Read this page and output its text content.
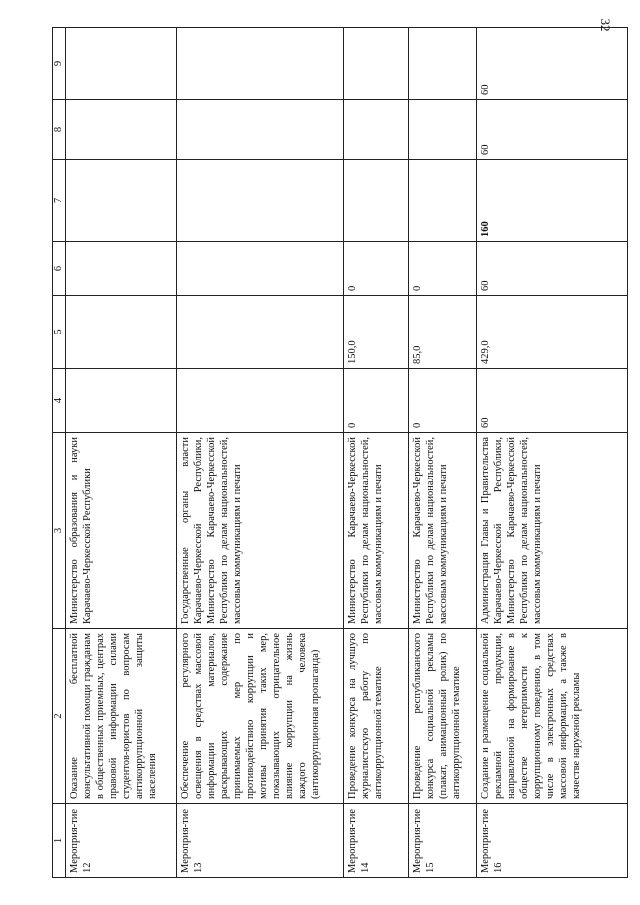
32
1	2	3	4	5	6	7	8	9
Мероприя-тие 12	Оказание бесплатной консультативной помощи гражданам в общественных приемных, центрах правовой информации силами студентов-юристов по вопросам антикоррупционной защиты населения	Министерство образования и науки Карачаево-Черкесской Республики						
Мероприя-тие 13	Обеспечение регулярного освещения в средствах массовой информации материалов, раскрывающих содержание принимаемых мер по противодействию коррупции и мотивы принятия таких мер, показывающих отрицательное влияние коррупции на жизнь каждого человека (антикоррупционная пропаганда)	Государственные органы власти Карачаево-Черкесской Республики, Министерство Карачаево-Черкесской Республики по делам национальностей, массовым коммуникациям и печати						
Мероприя-тие 14	Проведение конкурса на лучшую журналистскую работу по антикоррупционной тематике	Министерство Карачаево-Черкесской Республики по делам национальностей, массовым коммуникациям и печати	0	150,0	0			
Мероприя-тие 15	Проведение республиканского конкурса социальной рекламы (плакат, анимационный ролик) по антикоррупционной тематике	Министерство Карачаево-Черкесской Республики по делам национальностей, массовым коммуникациям и печати	0	85,0	0			
Мероприя-тие 16	Создание и размещение социальной рекламной продукции, направленной на формирование в обществе нетерпимости к коррупционному поведению, в том числе в электронных средствах массовой информации, а также в качестве наружной рекламы	Администрация Главы и Правительства Карачаево-Черкесской Республики, Министерство Карачаево-Черкесской Республики по делам национальностей, массовым коммуникациям и печати	60	429,0	60	160	60	60
